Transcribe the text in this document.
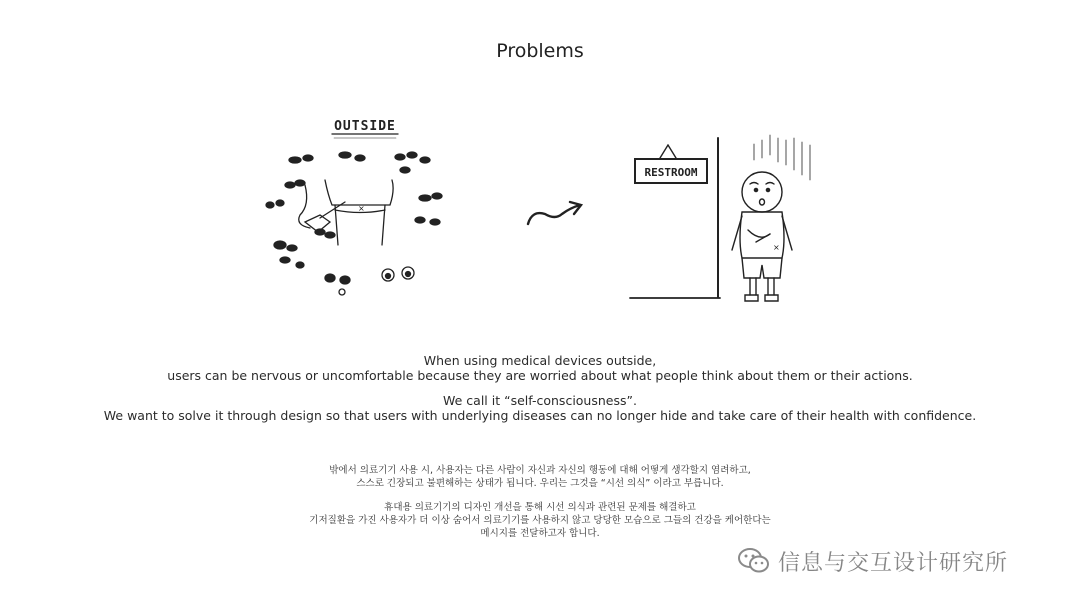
Problems
OUTSIDE
×
RESTROOM
×
When using medical devices outside,
users can be nervous or uncomfortable because they are worried about what people think about them or their actions.
We call it “self-consciousness”.
We want to solve it through design so that users with underlying diseases can no longer hide and take care of their health with confidence.
밖에서 의료기기 사용 시, 사용자는 다른 사람이 자신과 자신의 행동에 대해 어떻게 생각할지 염려하고,
스스로 긴장되고 불편해하는 상태가 됩니다. 우리는 그것을 “시선 의식” 이라고 부릅니다.
휴대용 의료기기의 디자인 개선을 통해 시선 의식과 관련된 문제를 해결하고
기저질환을 가진 사용자가 더 이상 숨어서 의료기기를 사용하지 않고 당당한 모습으로 그들의 건강을 케어한다는
메시지를 전달하고자 합니다.
信息与交互设计研究所
